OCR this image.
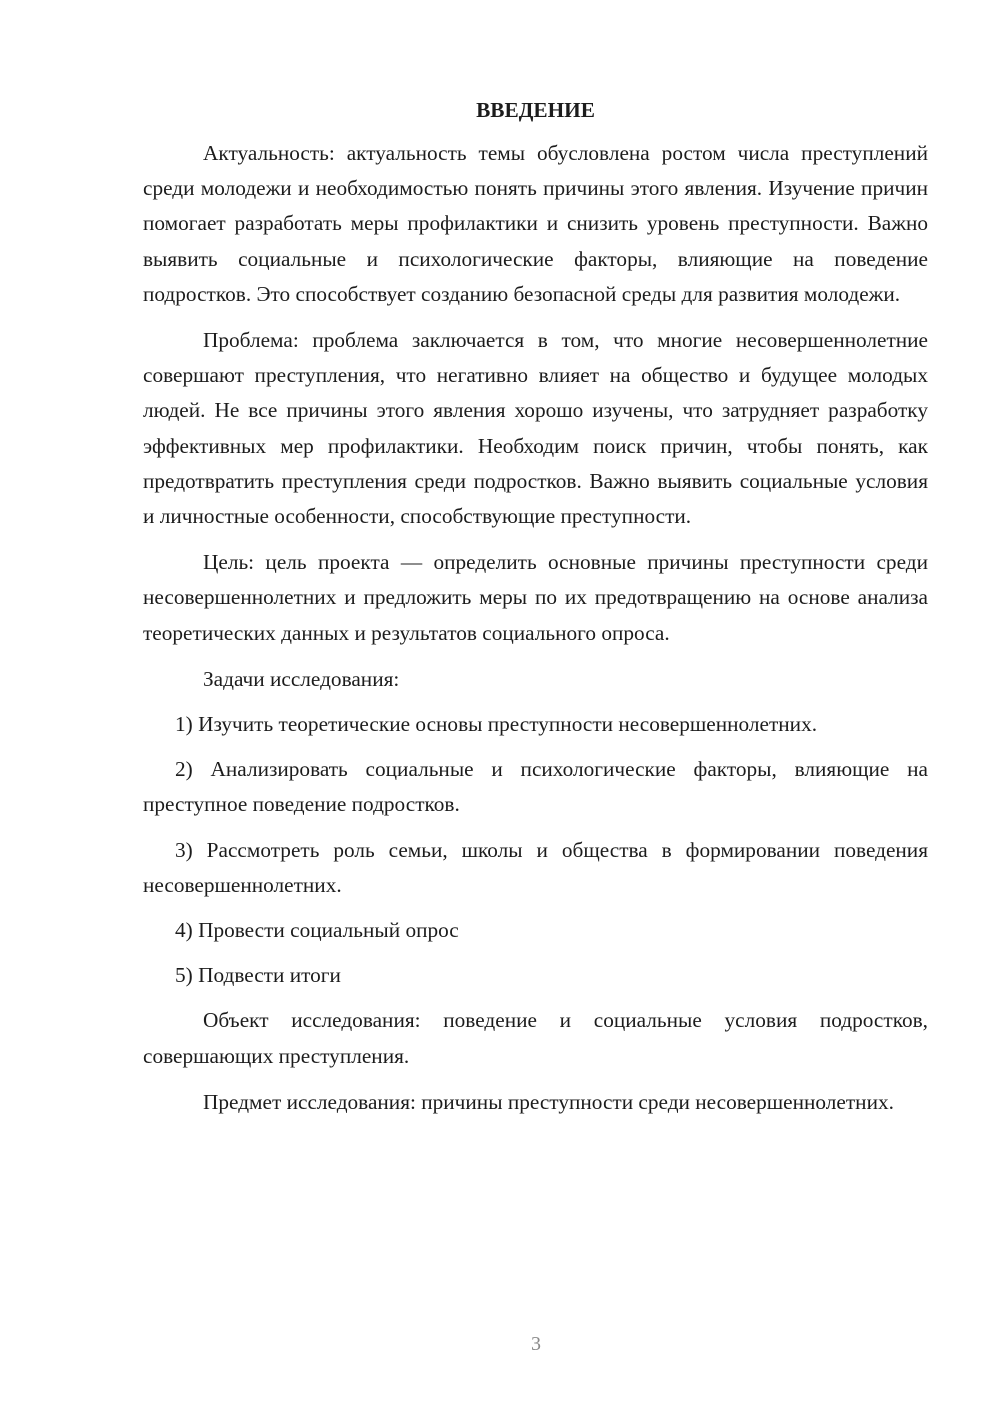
ВВЕДЕНИЕ

Актуальность: актуальность темы обусловлена ростом числа преступлений среди молодежи и необходимостью понять причины этого явления. Изучение причин помогает разработать меры профилактики и снизить уровень преступности. Важно выявить социальные и психологические факторы, влияющие на поведение подростков. Это способствует созданию безопасной среды для развития молодежи.

Проблема: проблема заключается в том, что многие несовершеннолетние совершают преступления, что негативно влияет на общество и будущее молодых людей. Не все причины этого явления хорошо изучены, что затрудняет разработку эффективных мер профилактики. Необходим поиск причин, чтобы понять, как предотвратить преступления среди подростков. Важно выявить социальные условия и личностные особенности, способствующие преступности.

Цель: цель проекта — определить основные причины преступности среди несовершеннолетних и предложить меры по их предотвращению на основе анализа теоретических данных и результатов социального опроса.

Задачи исследования:

1) Изучить теоретические основы преступности несовершеннолетних.

2) Анализировать социальные и психологические факторы, влияющие на преступное поведение подростков.

3) Рассмотреть роль семьи, школы и общества в формировании поведения несовершеннолетних.

4) Провести социальный опрос

5) Подвести итоги

Объект исследования: поведение и социальные условия подростков, совершающих преступления.

Предмет исследования: причины преступности среди несовершеннолетних.

3
